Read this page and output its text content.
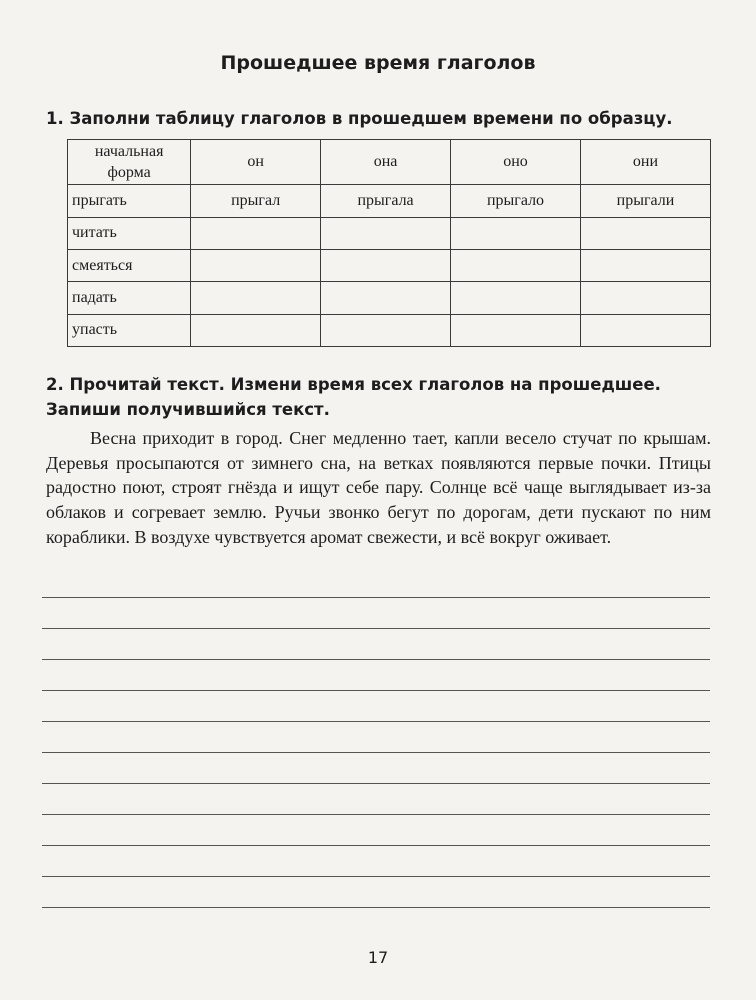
Прошедшее время глаголов
1. Заполни таблицу глаголов в прошедшем времени по образцу.
начальная форма	он	она	оно	они
прыгать	прыгал	прыгала	прыгало	прыгали
читать				
смеяться				
падать				
упасть				
2. Прочитай текст. Измени время всех глаголов на прошедшее. Запиши получившийся текст.
Весна приходит в город. Снег медленно тает, капли весело стучат по крышам. Деревья просыпаются от зимнего сна, на ветках появляются первые почки. Птицы радостно поют, строят гнёзда и ищут себе пару. Солнце всё чаще выглядывает из-за облаков и согревает землю. Ручьи звонко бегут по дорогам, дети пускают по ним кораблики. В воздухе чувствуется аромат свежести, и всё вокруг оживает.
17
